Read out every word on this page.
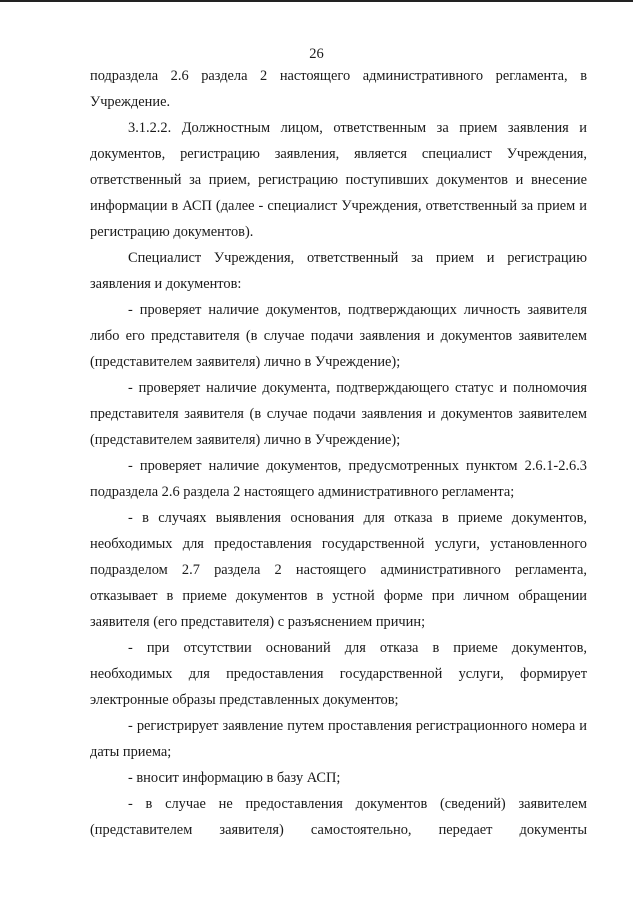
26

подраздела 2.6 раздела 2 настоящего административного регламента, в Учреждение.

3.1.2.2. Должностным лицом, ответственным за прием заявления и документов, регистрацию заявления, является специалист Учреждения, ответственный за прием, регистрацию поступивших документов и внесение информации в АСП (далее - специалист Учреждения, ответственный за прием и регистрацию документов).

Специалист Учреждения, ответственный за прием и регистрацию заявления и документов:

- проверяет наличие документов, подтверждающих личность заявителя либо его представителя (в случае подачи заявления и документов заявителем (представителем заявителя) лично в Учреждение);

- проверяет наличие документа, подтверждающего статус и полномочия представителя заявителя (в случае подачи заявления и документов заявителем (представителем заявителя) лично в Учреждение);

- проверяет наличие документов, предусмотренных пунктом 2.6.1-2.6.3 подраздела 2.6 раздела 2 настоящего административного регламента;

- в случаях выявления основания для отказа в приеме документов, необходимых для предоставления государственной услуги, установленного подразделом 2.7 раздела 2 настоящего административного регламента, отказывает в приеме документов в устной форме при личном обращении заявителя (его представителя) с разъяснением причин;

- при отсутствии оснований для отказа в приеме документов, необходимых для предоставления государственной услуги, формирует электронные образы представленных документов;

- регистрирует заявление путем проставления регистрационного номера и даты приема;

- вносит информацию в базу АСП;

- в случае не предоставления документов (сведений) заявителем (представителем заявителя) самостоятельно, передает документы
